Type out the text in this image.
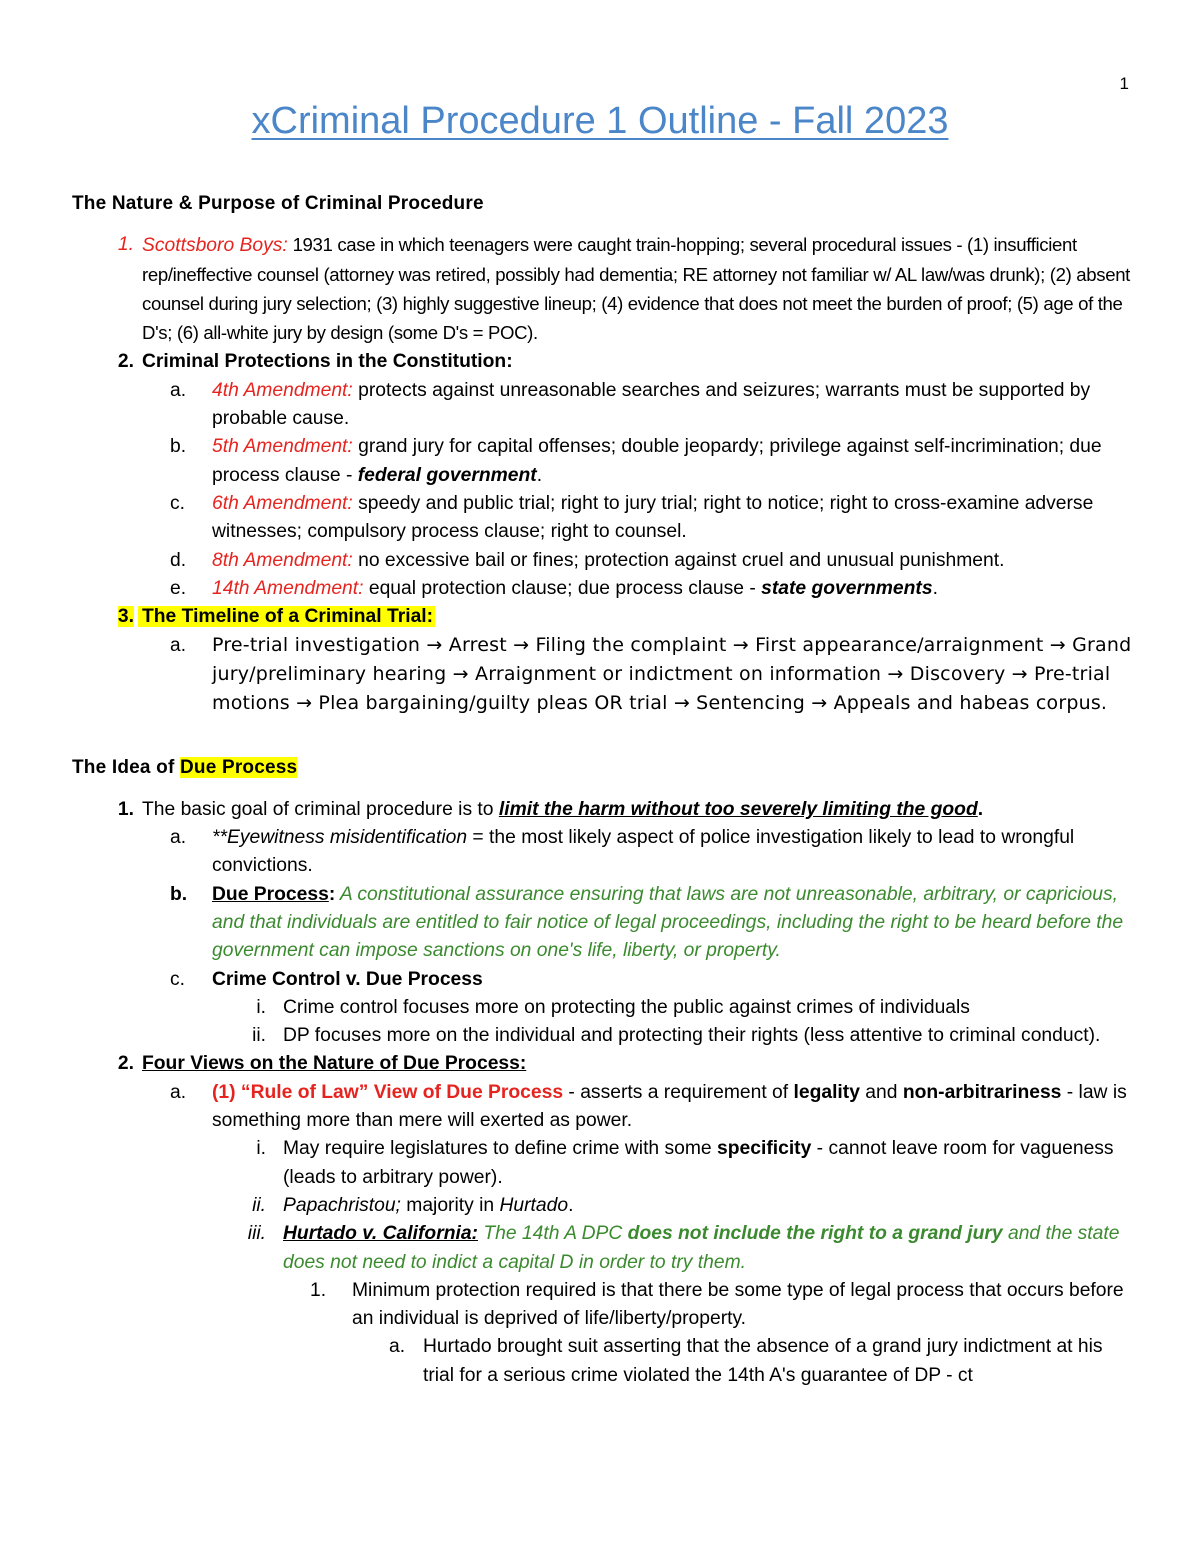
1
xCriminal Procedure 1 Outline - Fall 2023
The Nature & Purpose of Criminal Procedure
1. Scottsboro Boys: 1931 case in which teenagers were caught train-hopping; several procedural issues - (1) insufficient rep/ineffective counsel (attorney was retired, possibly had dementia; RE attorney not familiar w/ AL law/was drunk); (2) absent counsel during jury selection; (3) highly suggestive lineup; (4) evidence that does not meet the burden of proof; (5) age of the D's; (6) all-white jury by design (some D's = POC).
2. Criminal Protections in the Constitution:
a.	4th Amendment: protects against unreasonable searches and seizures; warrants must be supported by probable cause.
b.	5th Amendment: grand jury for capital offenses; double jeopardy; privilege against self-incrimination; due process clause - federal government.
c.	6th Amendment: speedy and public trial; right to jury trial; right to notice; right to cross-examine adverse witnesses; compulsory process clause; right to counsel.
d.	8th Amendment: no excessive bail or fines; protection against cruel and unusual punishment.
e.	14th Amendment: equal protection clause; due process clause - state governments.
3. The Timeline of a Criminal Trial:
a.	Pre-trial investigation → Arrest → Filing the complaint → First appearance/arraignment → Grand jury/preliminary hearing → Arraignment or indictment on information → Discovery → Pre-trial motions → Plea bargaining/guilty pleas OR trial → Sentencing → Appeals and habeas corpus.
The Idea of Due Process
1. The basic goal of criminal procedure is to limit the harm without too severely limiting the good.
a.	**Eyewitness misidentification = the most likely aspect of police investigation likely to lead to wrongful convictions.
b.	Due Process: A constitutional assurance ensuring that laws are not unreasonable, arbitrary, or capricious, and that individuals are entitled to fair notice of legal proceedings, including the right to be heard before the government can impose sanctions on one's life, liberty, or property.
c.	Crime Control v. Due Process
i. Crime control focuses more on protecting the public against crimes of individuals
ii. DP focuses more on the individual and protecting their rights (less attentive to criminal conduct).
2. Four Views on the Nature of Due Process:
a.	(1) “Rule of Law” View of Due Process - asserts a requirement of legality and non-arbitrariness - law is something more than mere will exerted as power.
i. May require legislatures to define crime with some specificity - cannot leave room for vagueness (leads to arbitrary power).
ii. Papachristou; majority in Hurtado.
iii. Hurtado v. California: The 14th A DPC does not include the right to a grand jury and the state does not need to indict a capital D in order to try them.
1.	Minimum protection required is that there be some type of legal process that occurs before an individual is deprived of life/liberty/property.
a. Hurtado brought suit asserting that the absence of a grand jury indictment at his trial for a serious crime violated the 14th A's guarantee of DP - ct
